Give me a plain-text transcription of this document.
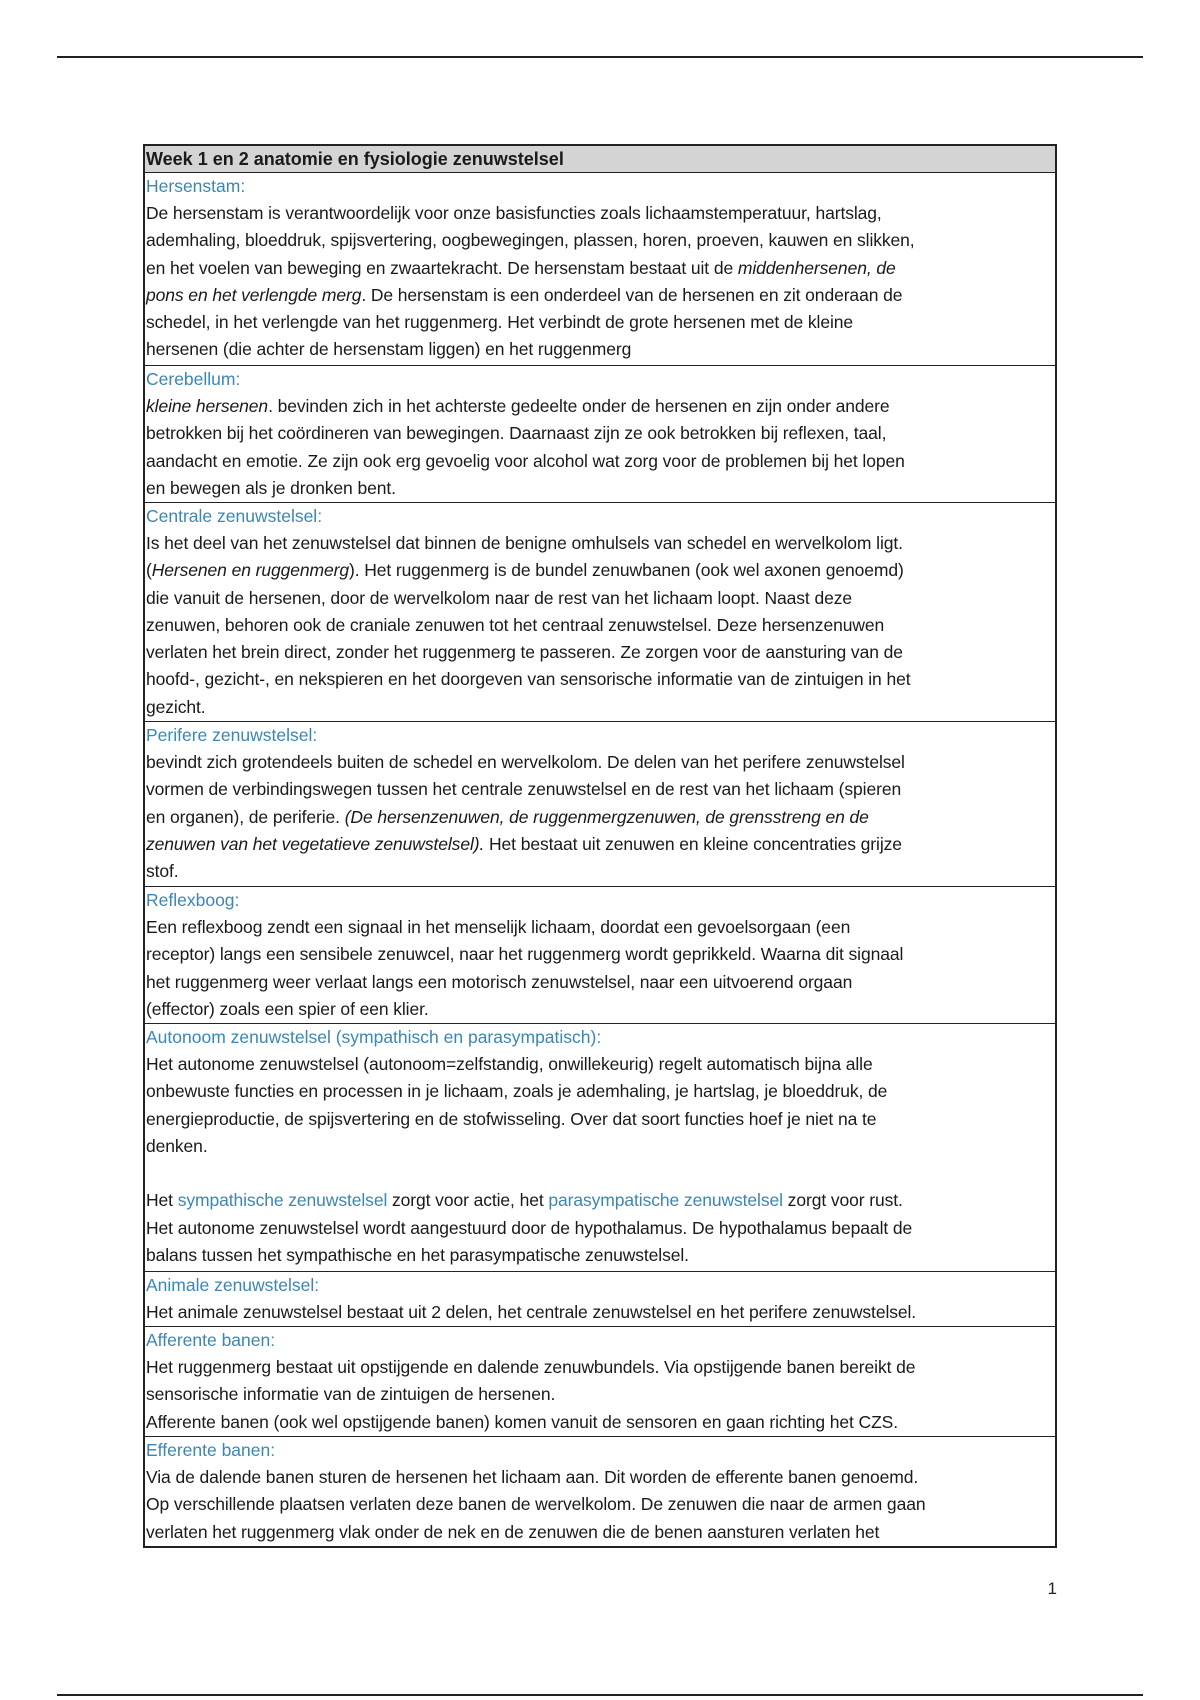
Week 1 en 2 anatomie en fysiologie zenuwstelsel
Hersenstam:
De hersenstam is verantwoordelijk voor onze basisfuncties zoals lichaamstemperatuur, hartslag,
ademhaling, bloeddruk, spijsvertering, oogbewegingen, plassen, horen, proeven, kauwen en slikken,
en het voelen van beweging en zwaartekracht. De hersenstam bestaat uit de middenhersenen, de
pons en het verlengde merg. De hersenstam is een onderdeel van de hersenen en zit onderaan de
schedel, in het verlengde van het ruggenmerg. Het verbindt de grote hersenen met de kleine
hersenen (die achter de hersenstam liggen) en het ruggenmerg
Cerebellum:
kleine hersenen. bevinden zich in het achterste gedeelte onder de hersenen en zijn onder andere
betrokken bij het coördineren van bewegingen. Daarnaast zijn ze ook betrokken bij reflexen, taal,
aandacht en emotie. Ze zijn ook erg gevoelig voor alcohol wat zorg voor de problemen bij het lopen
en bewegen als je dronken bent.
Centrale zenuwstelsel:
Is het deel van het zenuwstelsel dat binnen de benigne omhulsels van schedel en wervelkolom ligt.
(Hersenen en ruggenmerg). Het ruggenmerg is de bundel zenuwbanen (ook wel axonen genoemd)
die vanuit de hersenen, door de wervelkolom naar de rest van het lichaam loopt. Naast deze
zenuwen, behoren ook de craniale zenuwen tot het centraal zenuwstelsel. Deze hersenzenuwen
verlaten het brein direct, zonder het ruggenmerg te passeren. Ze zorgen voor de aansturing van de
hoofd-, gezicht-, en nekspieren en het doorgeven van sensorische informatie van de zintuigen in het
gezicht.
Perifere zenuwstelsel:
bevindt zich grotendeels buiten de schedel en wervelkolom. De delen van het perifere zenuwstelsel
vormen de verbindingswegen tussen het centrale zenuwstelsel en de rest van het lichaam (spieren
en organen), de periferie. (De hersenzenuwen, de ruggenmergzenuwen, de grensstreng en de
zenuwen van het vegetatieve zenuwstelsel). Het bestaat uit zenuwen en kleine concentraties grijze
stof.
Reflexboog:
Een reflexboog zendt een signaal in het menselijk lichaam, doordat een gevoelsorgaan (een
receptor) langs een sensibele zenuwcel, naar het ruggenmerg wordt geprikkeld. Waarna dit signaal
het ruggenmerg weer verlaat langs een motorisch zenuwstelsel, naar een uitvoerend orgaan
(effector) zoals een spier of een klier.
Autonoom zenuwstelsel (sympathisch en parasympatisch):
Het autonome zenuwstelsel (autonoom=zelfstandig, onwillekeurig) regelt automatisch bijna alle
onbewuste functies en processen in je lichaam, zoals je ademhaling, je hartslag, je bloeddruk, de
energieproductie, de spijsvertering en de stofwisseling. Over dat soort functies hoef je niet na te
denken.
Het sympathische zenuwstelsel zorgt voor actie, het parasympatische zenuwstelsel zorgt voor rust.
Het autonome zenuwstelsel wordt aangestuurd door de hypothalamus. De hypothalamus bepaalt de
balans tussen het sympathische en het parasympatische zenuwstelsel.
Animale zenuwstelsel:
Het animale zenuwstelsel bestaat uit 2 delen, het centrale zenuwstelsel en het perifere zenuwstelsel.
Afferente banen:
Het ruggenmerg bestaat uit opstijgende en dalende zenuwbundels. Via opstijgende banen bereikt de
sensorische informatie van de zintuigen de hersenen.
Afferente banen (ook wel opstijgende banen) komen vanuit de sensoren en gaan richting het CZS.
Efferente banen:
Via de dalende banen sturen de hersenen het lichaam aan. Dit worden de efferente banen genoemd.
Op verschillende plaatsen verlaten deze banen de wervelkolom. De zenuwen die naar de armen gaan
verlaten het ruggenmerg vlak onder de nek en de zenuwen die de benen aansturen verlaten het
1
